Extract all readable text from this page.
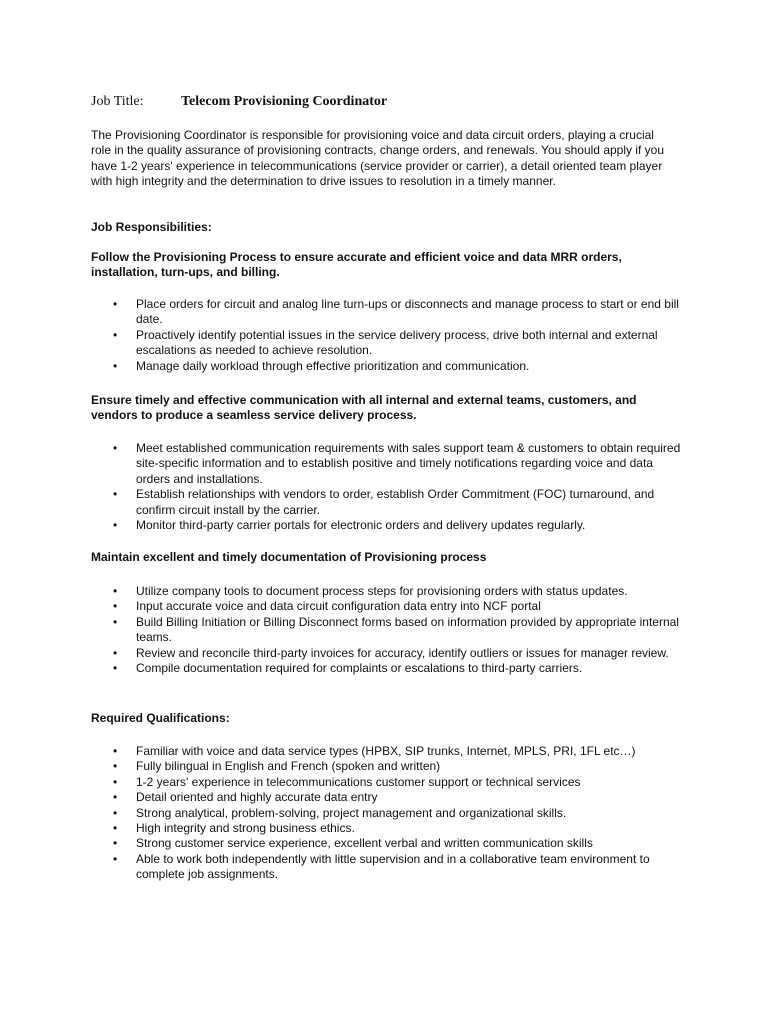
Job Title:	Telecom Provisioning Coordinator

The Provisioning Coordinator is responsible for provisioning voice and data circuit orders, playing a crucial role in the quality assurance of provisioning contracts, change orders, and renewals. You should apply if you have 1-2 years' experience in telecommunications (service provider or carrier), a detail oriented team player with high integrity and the determination to drive issues to resolution in a timely manner.

Job Responsibilities:

Follow the Provisioning Process to ensure accurate and efficient voice and data MRR orders, installation, turn-ups, and billing.

• Place orders for circuit and analog line turn-ups or disconnects and manage process to start or end bill date.
• Proactively identify potential issues in the service delivery process, drive both internal and external escalations as needed to achieve resolution.
• Manage daily workload through effective prioritization and communication.

Ensure timely and effective communication with all internal and external teams, customers, and vendors to produce a seamless service delivery process.

• Meet established communication requirements with sales support team & customers to obtain required site-specific information and to establish positive and timely notifications regarding voice and data orders and installations.
• Establish relationships with vendors to order, establish Order Commitment (FOC) turnaround, and confirm circuit install by the carrier.
• Monitor third-party carrier portals for electronic orders and delivery updates regularly.

Maintain excellent and timely documentation of Provisioning process

• Utilize company tools to document process steps for provisioning orders with status updates.
• Input accurate voice and data circuit configuration data entry into NCF portal
• Build Billing Initiation or Billing Disconnect forms based on information provided by appropriate internal teams.
• Review and reconcile third-party invoices for accuracy, identify outliers or issues for manager review.
• Compile documentation required for complaints or escalations to third-party carriers.

Required Qualifications:

• Familiar with voice and data service types (HPBX, SIP trunks, Internet, MPLS, PRI, 1FL etc…)
• Fully bilingual in English and French (spoken and written)
• 1-2 years' experience in telecommunications customer support or technical services
• Detail oriented and highly accurate data entry
• Strong analytical, problem-solving, project management and organizational skills.
• High integrity and strong business ethics.
• Strong customer service experience, excellent verbal and written communication skills
• Able to work both independently with little supervision and in a collaborative team environment to complete job assignments.
